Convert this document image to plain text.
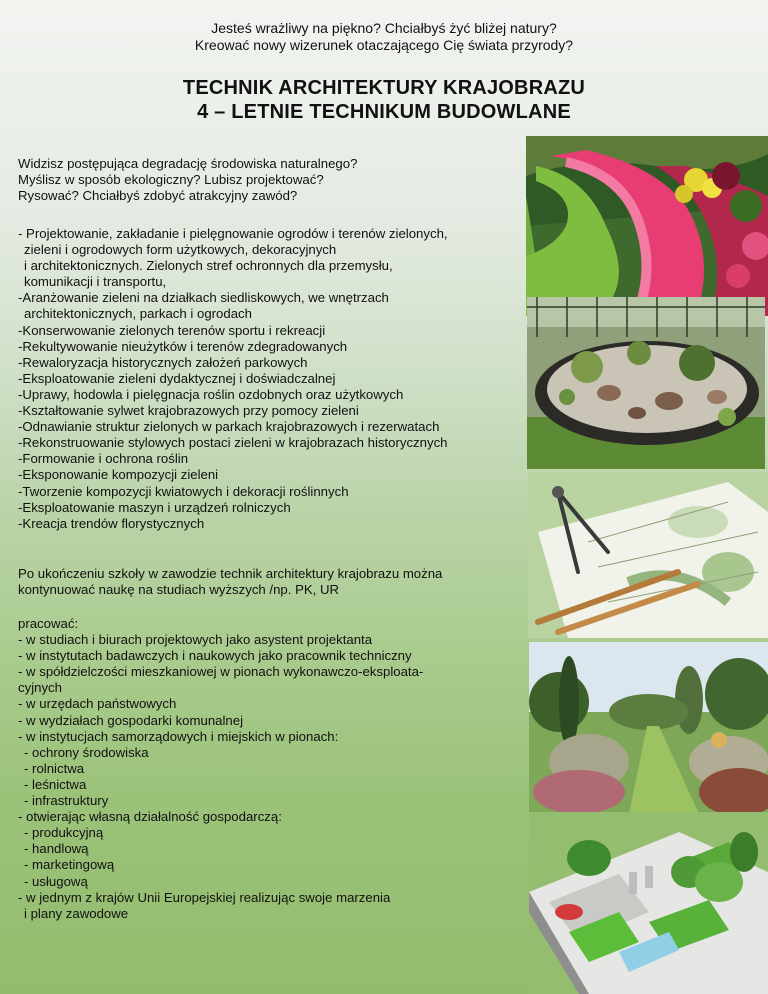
Jesteś wrażliwy na piękno? Chciałbyś żyć bliżej natury?
Kreować nowy wizerunek otaczającego Cię świata przyrody?
TECHNIK ARCHITEKTURY KRAJOBRAZU
4 – LETNIE TECHNIKUM BUDOWLANE

Widzisz postępująca degradację środowiska naturalnego?

Myślisz w sposób ekologiczny? Lubisz projektować?

Rysować? Chciałbyś zdobyć atrakcyjny zawód?

- Projektowanie, zakładanie i pielęgnowanie ogrodów i terenów zielonych,

zieleni i ogrodowych form użytkowych, dekoracyjnych

i architektonicznych. Zielonych stref ochronnych dla przemysłu,

komunikacji i transportu,

-Aranżowanie zieleni na działkach siedliskowych, we wnętrzach

architektonicznych, parkach i ogrodach

-Konserwowanie zielonych terenów sportu i rekreacji

-Rekultywowanie nieużytków i terenów zdegradowanych

-Rewaloryzacja historycznych założeń parkowych

-Eksploatowanie zieleni dydaktycznej i doświadczalnej

-Uprawy, hodowla i pielęgnacja roślin ozdobnych oraz użytkowych

-Kształtowanie sylwet krajobrazowych przy pomocy zieleni

-Odnawianie struktur zielonych w parkach krajobrazowych i rezerwatach

-Rekonstruowanie stylowych postaci zieleni w krajobrazach historycznych

-Formowanie i ochrona roślin

-Eksponowanie kompozycji zieleni

-Tworzenie kompozycji kwiatowych i dekoracji roślinnych

-Eksploatowanie maszyn i urządzeń rolniczych

-Kreacja trendów florystycznych

Po ukończeniu szkoły w zawodzie technik architektury krajobrazu można

kontynuować naukę na studiach wyższych /np. PK, UR

pracować:

- w studiach i biurach projektowych jako asystent projektanta

- w instytutach badawczych i naukowych jako pracownik techniczny

- w spółdzielczości mieszkaniowej w pionach wykonawczo-eksploata-

cyjnych

- w urzędach państwowych

- w wydziałach gospodarki komunalnej

- w instytucjach samorządowych i miejskich w pionach:

- ochrony środowiska

- rolnictwa

- leśnictwa

- infrastruktury

- otwierając własną działalność gospodarczą:

- produkcyjną

- handlową

- marketingową

- usługową

- w jednym z krajów Unii Europejskiej realizując swoje marzenia

i plany zawodowe
